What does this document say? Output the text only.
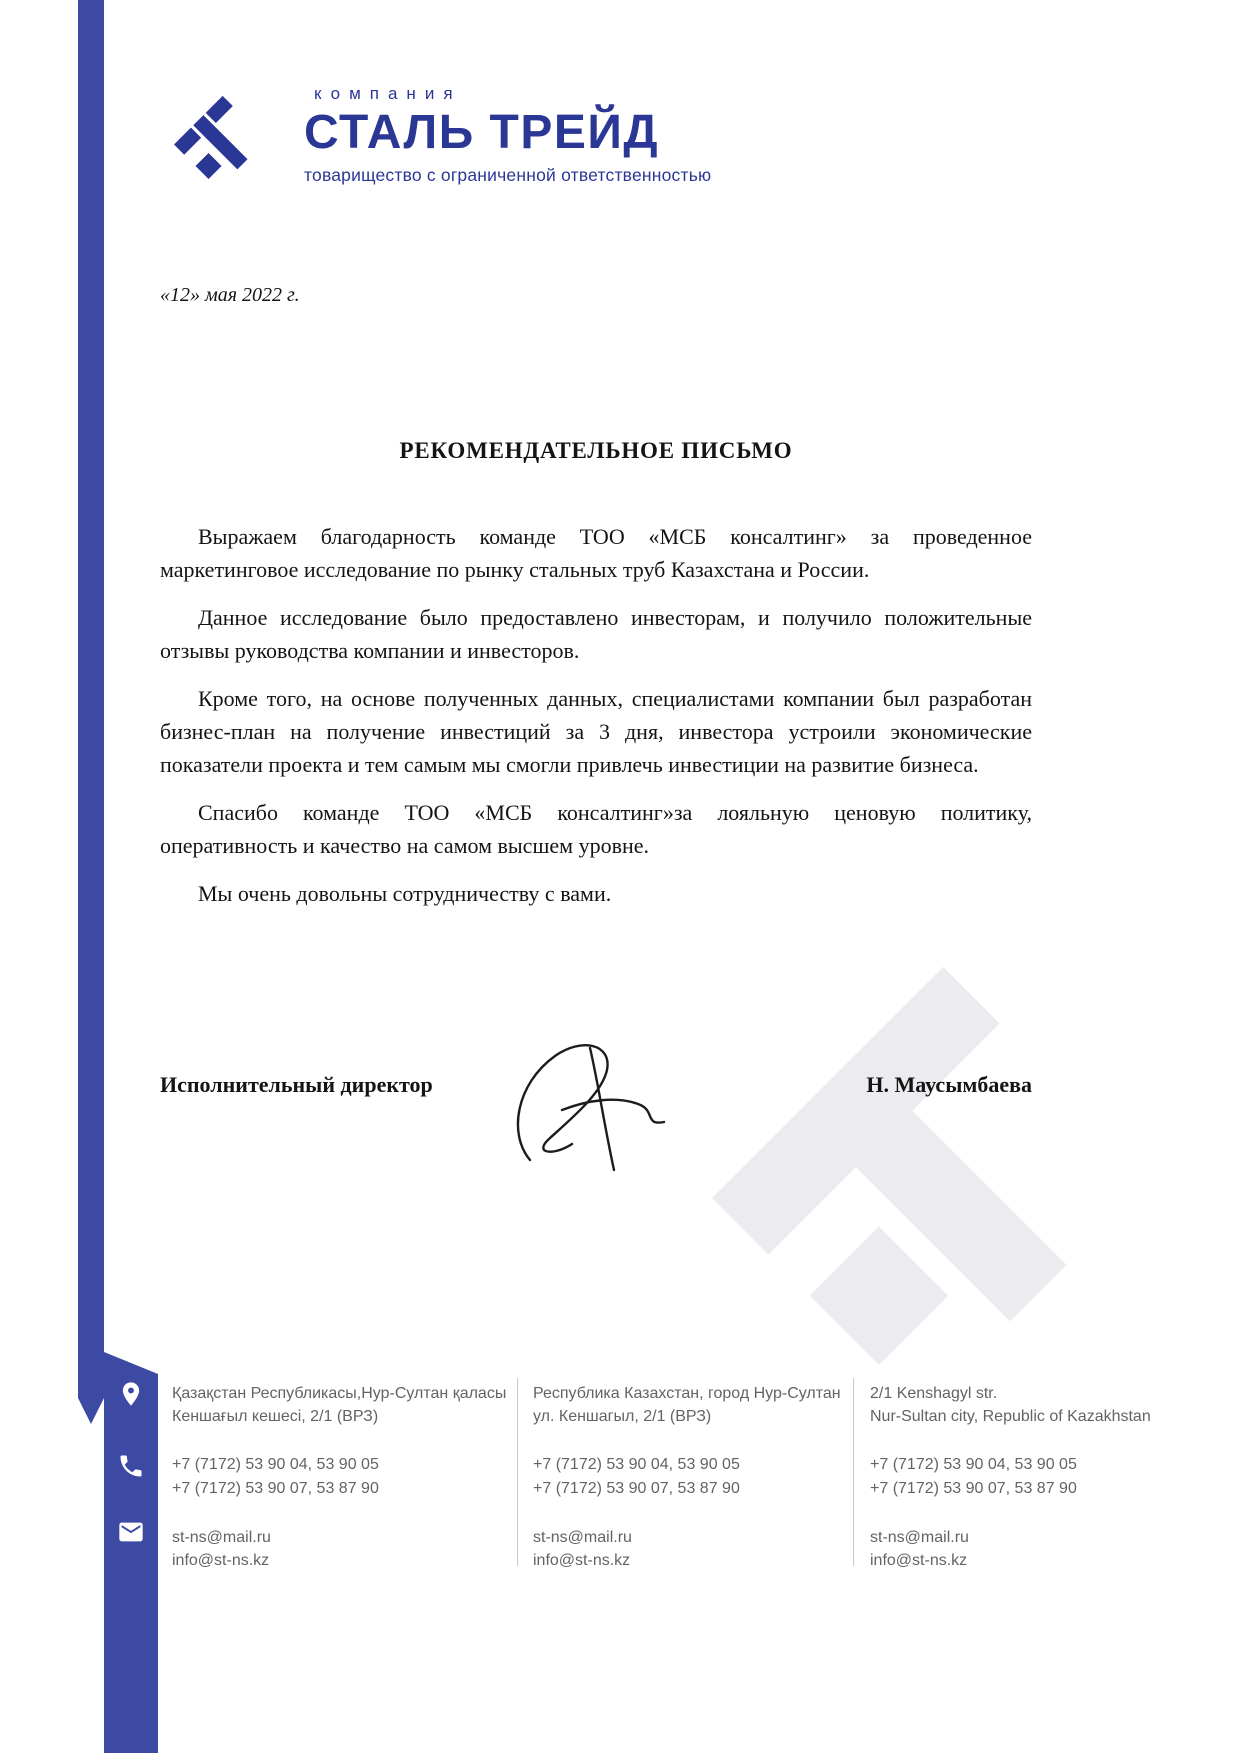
компания
СТАЛЬ ТРЕЙД
товарищество с ограниченной ответственностью
«12» мая 2022 г.
РЕКОМЕНДАТЕЛЬНОЕ ПИСЬМО

Выражаем благодарность команде ТОО «МСБ консалтинг» за проведенное маркетинговое исследование по рынку стальных труб Казахстана и России.

Данное исследование было предоставлено инвесторам, и получило положительные отзывы руководства компании и инвесторов.

Кроме того, на основе полученных данных, специалистами компании был разработан бизнес-план на получение инвестиций за 3 дня, инвестора устроили экономические показатели проекта и тем самым мы смогли привлечь инвестиции на развитие бизнеса.

Спасибо команде ТОО «МСБ консалтинг»за лояльную ценовую политику, оперативность и качество на самом высшем уровне.

Мы очень довольны сотрудничеству с вами.

Исполнительный директор	Н. Маусымбаева
Қазақстан Республикасы,Нур-Султан қаласы
Кеншағыл кешесі, 2/1 (ВРЗ)
+7 (7172) 53 90 04, 53 90 05
+7 (7172) 53 90 07, 53 87 90
st-ns@mail.ru
info@st-ns.kz
Республика Казахстан, город Нур-Султан
ул. Кеншагыл, 2/1 (ВРЗ)
+7 (7172) 53 90 04, 53 90 05
+7 (7172) 53 90 07, 53 87 90
st-ns@mail.ru
info@st-ns.kz
2/1 Kenshagyl str.
Nur-Sultan city, Republic of Kazakhstan
+7 (7172) 53 90 04, 53 90 05
+7 (7172) 53 90 07, 53 87 90
st-ns@mail.ru
info@st-ns.kz
